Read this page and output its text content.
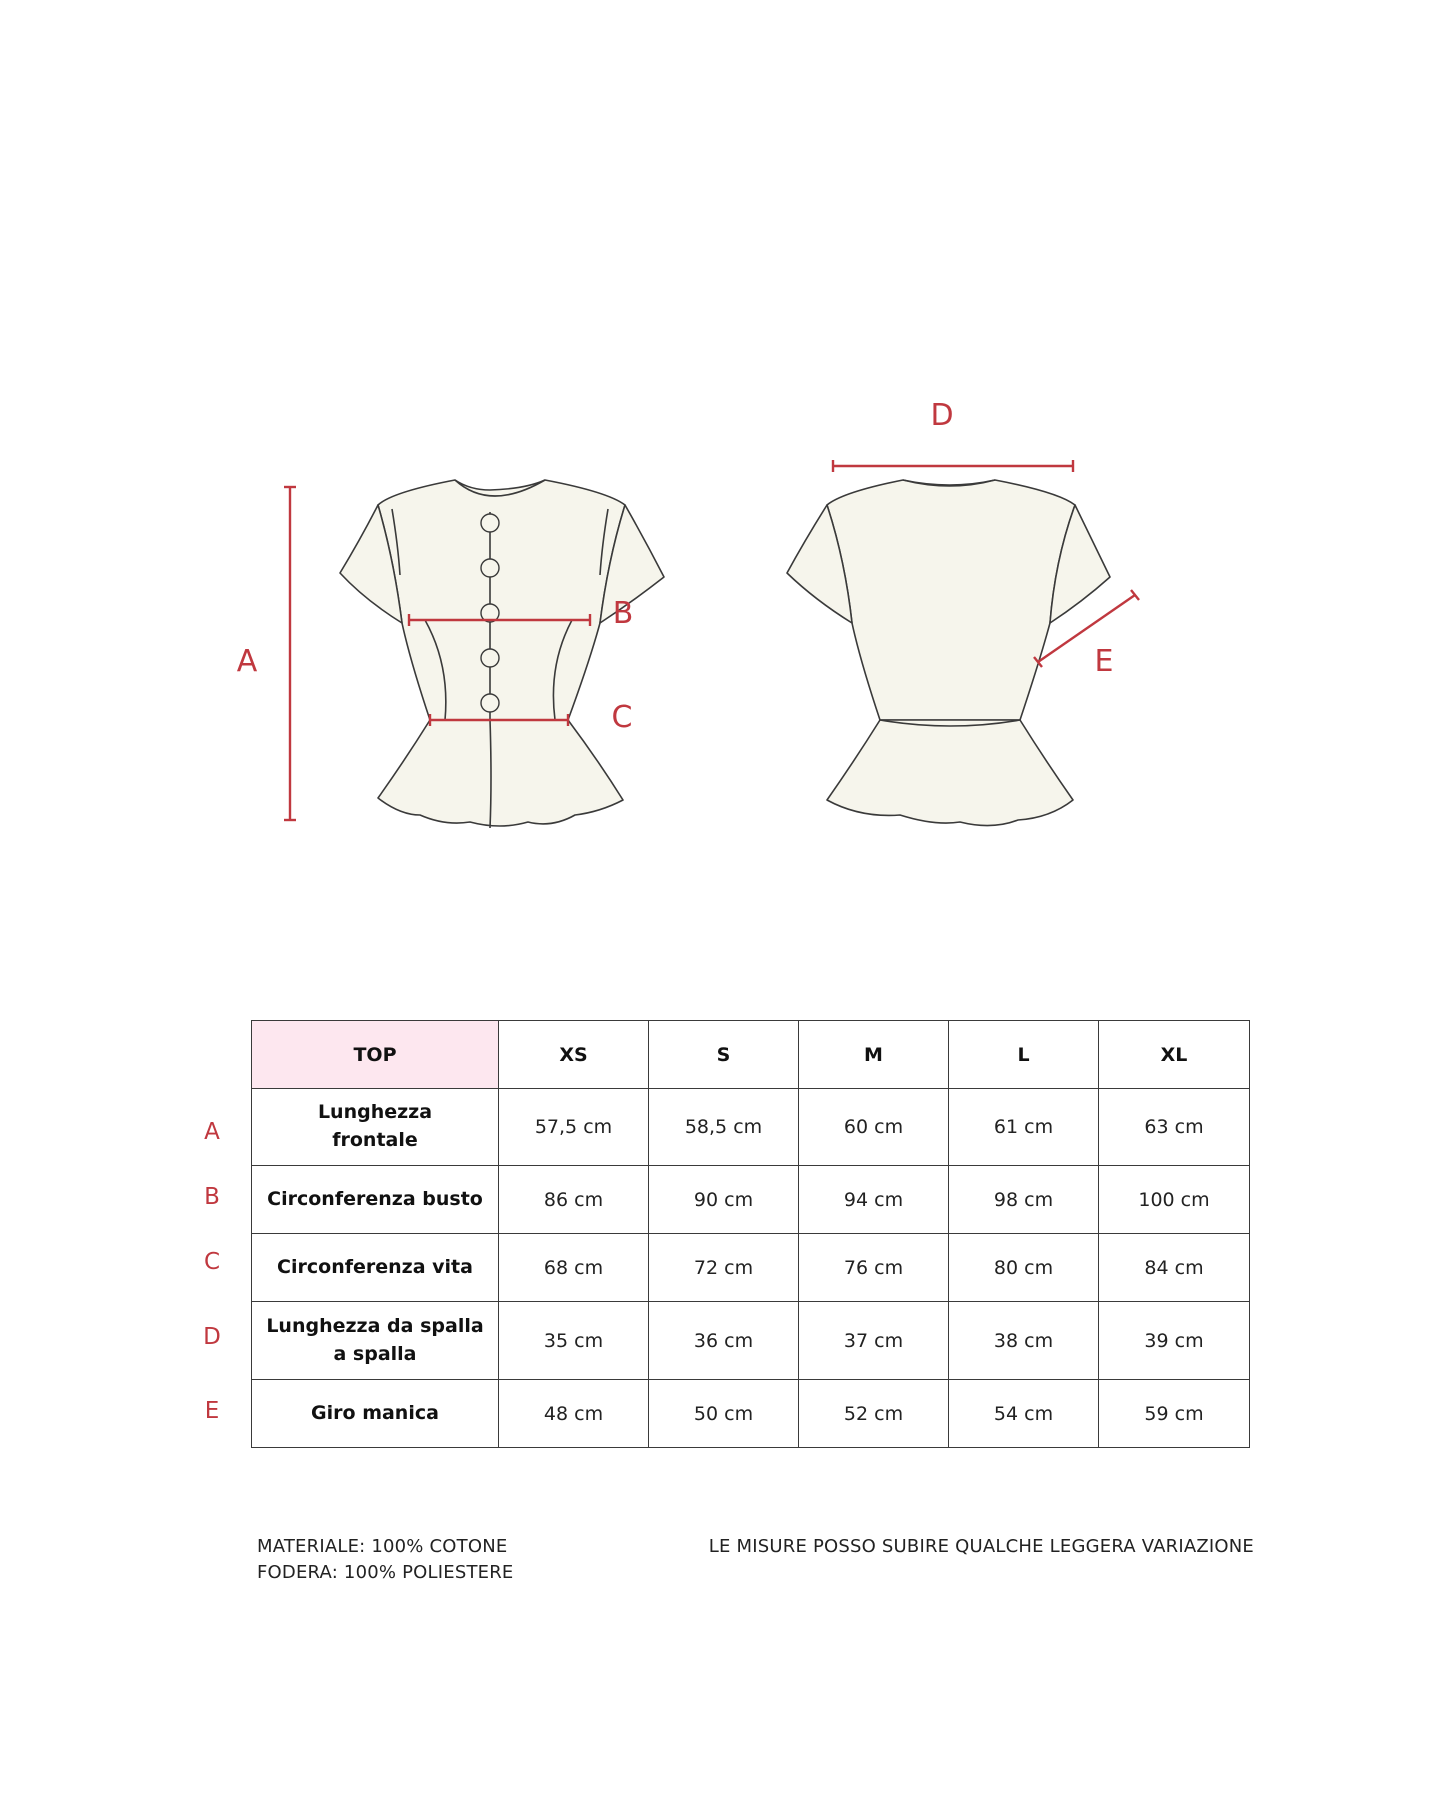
A
B
C
D
E
TOP	XS	S	M	L	XL
Lunghezza frontale	57,5 cm	58,5 cm	60 cm	61 cm	63 cm
Circonferenza busto	86 cm	90 cm	94 cm	98 cm	100 cm
Circonferenza vita	68 cm	72 cm	76 cm	80 cm	84 cm
Lunghezza da spalla a spalla	35 cm	36 cm	37 cm	38 cm	39 cm
Giro manica	48 cm	50 cm	52 cm	54 cm	59 cm
A
B
C
D
E
MATERIALE: 100% COTONE
FODERA: 100% POLIESTERE
LE MISURE POSSO SUBIRE QUALCHE LEGGERA VARIAZIONE
